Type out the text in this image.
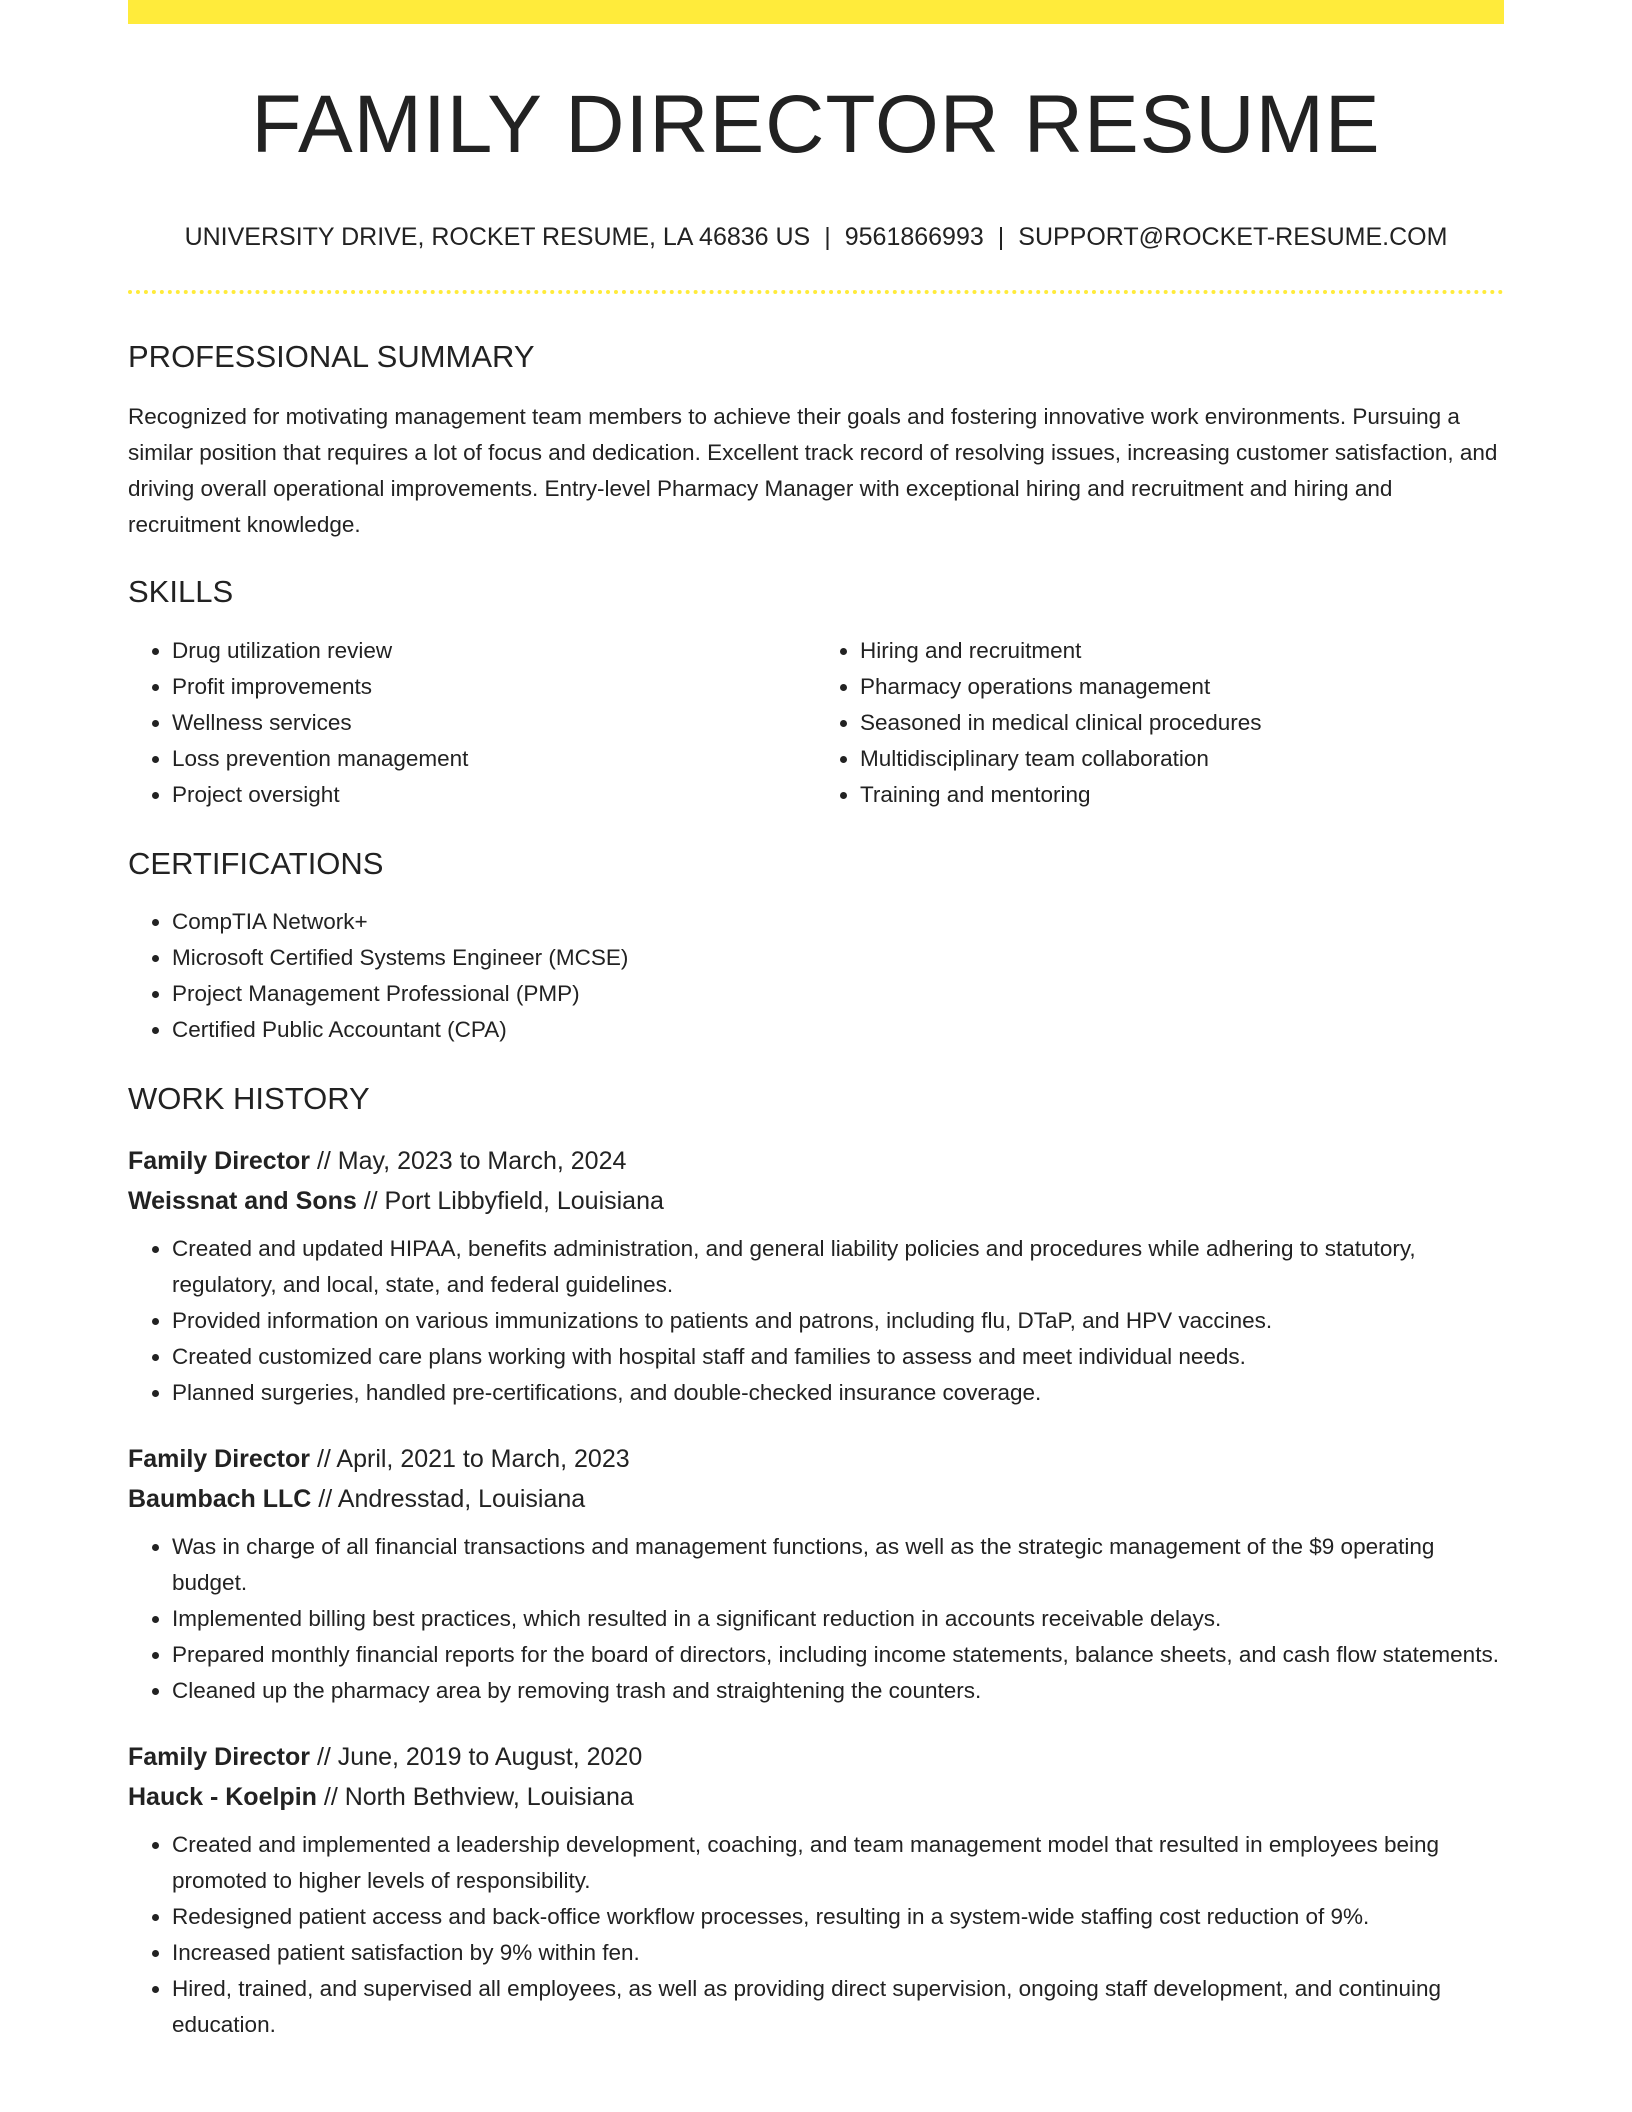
FAMILY DIRECTOR RESUME
UNIVERSITY DRIVE, ROCKET RESUME, LA 46836 US | 9561866993 | SUPPORT@ROCKET-RESUME.COM
PROFESSIONAL SUMMARY

Recognized for motivating management team members to achieve their goals and fostering innovative work environments. Pursuing a similar position that requires a lot of focus and dedication. Excellent track record of resolving issues, increasing customer satisfaction, and driving overall operational improvements. Entry-level Pharmacy Manager with exceptional hiring and recruitment and hiring and recruitment knowledge.

SKILLS
• Drug utilization review
• Profit improvements
• Wellness services
• Loss prevention management
• Project oversight
• Hiring and recruitment
• Pharmacy operations management
• Seasoned in medical clinical procedures
• Multidisciplinary team collaboration
• Training and mentoring
CERTIFICATIONS
• CompTIA Network+
• Microsoft Certified Systems Engineer (MCSE)
• Project Management Professional (PMP)
• Certified Public Accountant (CPA)
WORK HISTORY
Family Director // May, 2023 to March, 2024
Weissnat and Sons // Port Libbyfield, Louisiana
• Created and updated HIPAA, benefits administration, and general liability policies and procedures while adhering to statutory, regulatory, and local, state, and federal guidelines.
• Provided information on various immunizations to patients and patrons, including flu, DTaP, and HPV vaccines.
• Created customized care plans working with hospital staff and families to assess and meet individual needs.
• Planned surgeries, handled pre-certifications, and double-checked insurance coverage.
Family Director // April, 2021 to March, 2023
Baumbach LLC // Andresstad, Louisiana
• Was in charge of all financial transactions and management functions, as well as the strategic management of the $9 operating budget.
• Implemented billing best practices, which resulted in a significant reduction in accounts receivable delays.
• Prepared monthly financial reports for the board of directors, including income statements, balance sheets, and cash flow statements.
• Cleaned up the pharmacy area by removing trash and straightening the counters.
Family Director // June, 2019 to August, 2020
Hauck - Koelpin // North Bethview, Louisiana
• Created and implemented a leadership development, coaching, and team management model that resulted in employees being promoted to higher levels of responsibility.
• Redesigned patient access and back-office workflow processes, resulting in a system-wide staffing cost reduction of 9%.
• Increased patient satisfaction by 9% within fen.
• Hired, trained, and supervised all employees, as well as providing direct supervision, ongoing staff development, and continuing education.
